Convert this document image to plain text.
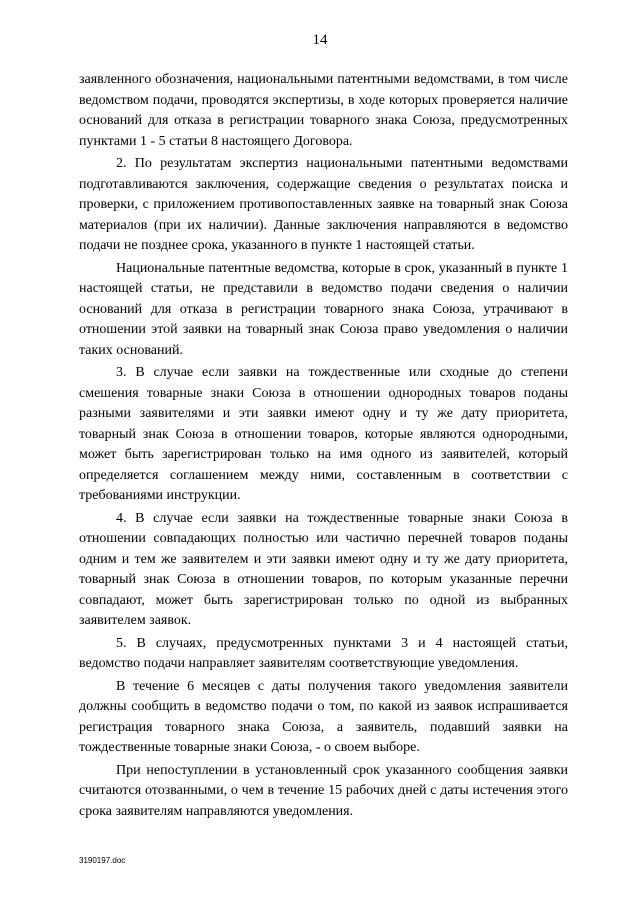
14

заявленного обозначения, национальными патентными ведомствами, в том числе ведомством подачи, проводятся экспертизы, в ходе которых проверяется наличие оснований для отказа в регистрации товарного знака Союза, предусмотренных пунктами 1 - 5 статьи 8 настоящего Договора.

2. По результатам экспертиз национальными патентными ведомствами подготавливаются заключения, содержащие сведения о результатах поиска и проверки, с приложением противопоставленных заявке на товарный знак Союза материалов (при их наличии). Данные заключения направляются в ведомство подачи не позднее срока, указанного в пункте 1 настоящей статьи.

Национальные патентные ведомства, которые в срок, указанный в пункте 1 настоящей статьи, не представили в ведомство подачи сведения о наличии оснований для отказа в регистрации товарного знака Союза, утрачивают в отношении этой заявки на товарный знак Союза право уведомления о наличии таких оснований.

3. В случае если заявки на тождественные или сходные до степени смешения товарные знаки Союза в отношении однородных товаров поданы разными заявителями и эти заявки имеют одну и ту же дату приоритета, товарный знак Союза в отношении товаров, которые являются однородными, может быть зарегистрирован только на имя одного из заявителей, который определяется соглашением между ними, составленным в соответствии с требованиями инструкции.

4. В случае если заявки на тождественные товарные знаки Союза в отношении совпадающих полностью или частично перечней товаров поданы одним и тем же заявителем и эти заявки имеют одну и ту же дату приоритета, товарный знак Союза в отношении товаров, по которым указанные перечни совпадают, может быть зарегистрирован только по одной из выбранных заявителем заявок.

5. В случаях, предусмотренных пунктами 3 и 4 настоящей статьи, ведомство подачи направляет заявителям соответствующие уведомления.

В течение 6 месяцев с даты получения такого уведомления заявители должны сообщить в ведомство подачи о том, по какой из заявок испрашивается регистрация товарного знака Союза, а заявитель, подавший заявки на тождественные товарные знаки Союза, - о своем выборе.

При непоступлении в установленный срок указанного сообщения заявки считаются отозванными, о чем в течение 15 рабочих дней с даты истечения этого срока заявителям направляются уведомления.

3190197.doc
